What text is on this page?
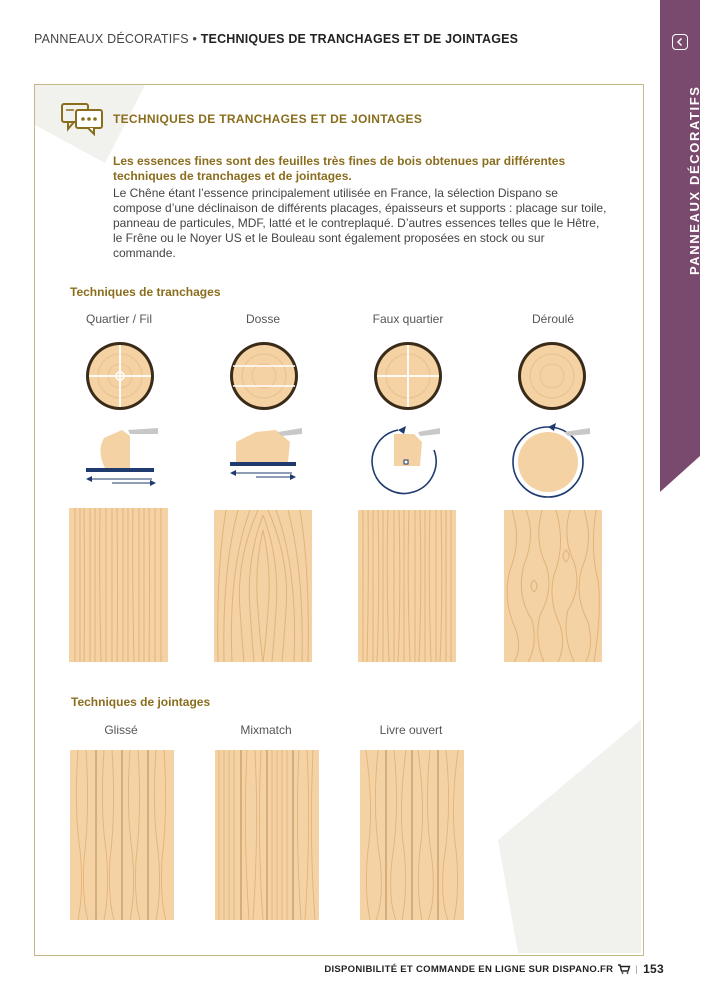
PANNEAUX DÉCORATIFS • TECHNIQUES DE TRANCHAGES ET DE JOINTAGES
PANNEAUX DÉCORATIFS
TECHNIQUES DE TRANCHAGES ET DE JOINTAGES
Les essences fines sont des feuilles très fines de bois obtenues par différentes techniques de tranchages et de jointages.
Le Chêne étant l’essence principalement utilisée en France, la sélection Dispano se compose d’une déclinaison de différents placages, épaisseurs et supports : placage sur toile, panneau de particules, MDF, latté et le contreplaqué. D’autres essences telles que le Hêtre, le Frêne ou le Noyer US et le Bouleau sont également proposées en stock ou sur commande.
Techniques de tranchages
Quartier / Fil	Dosse	Faux quartier	Déroulé
Techniques de jointages
Glissé	Mixmatch	Livre ouvert
DISPONIBILITÉ ET COMMANDE EN LIGNE SUR DISPANO.FR | 153
